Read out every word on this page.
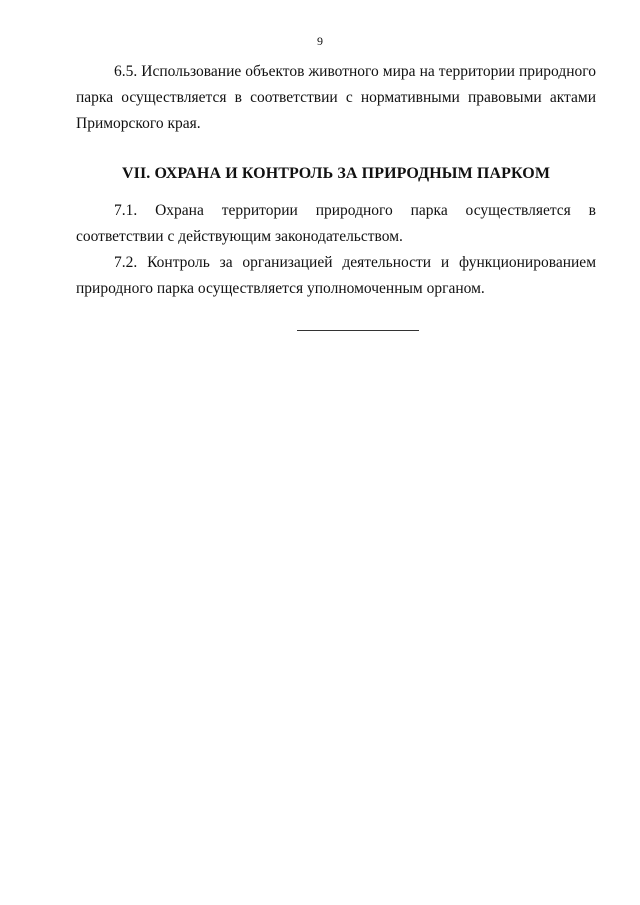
9

6.5. Использование объектов животного мира на территории природного парка осуществляется в соответствии с нормативными правовыми актами Приморского края.

VII. ОХРАНА И КОНТРОЛЬ ЗА ПРИРОДНЫМ ПАРКОМ

7.1. Охрана территории природного парка осуществляется в соответствии с действующим законодательством.

7.2. Контроль за организацией деятельности и функционированием природного парка осуществляется уполномоченным органом.
